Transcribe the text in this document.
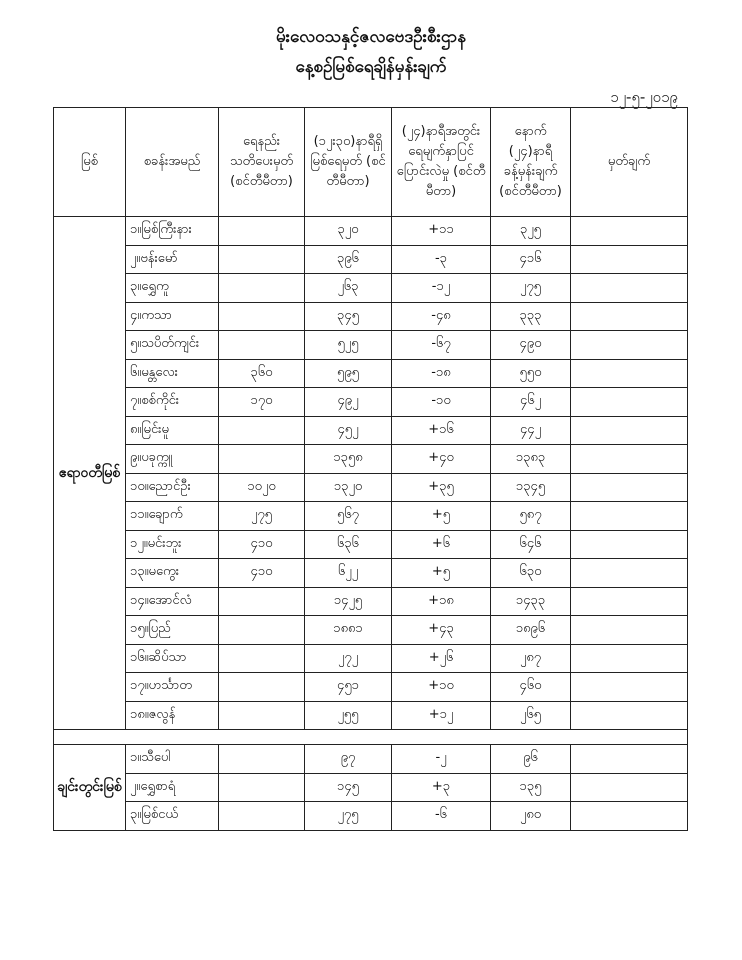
မိုးလေဝသနှင့်ဇလဗေဒဦးစီးဌာန
နေ့စဉ်မြစ်ရေချိန်မှန်းချက်
၁၂-၅-၂၀၁၉
မြစ်	စခန်းအမည်	ရေနည်း သတိပေးမှတ် (စင်တီမီတာ)	(၁၂း၃၀)နာရီရှိ မြစ်ရေမှတ် (စင်တီမီတာ)	(၂၄)နာရီအတွင်း ရေမျက်နှာပြင် ပြောင်းလဲမှု (စင်တီမီတာ)	နောက် (၂၄)နာရီ ခန့်မှန်းချက် (စင်တီမီတာ)	မှတ်ချက်
ဧရာဝတီမြစ်	၁။မြစ်ကြီးနား		၃၂၀	+၁၁	၃၂၅	
	၂။ဗန်းမော်		၃၉၆	-၃	၄၁၆	
	၃။ရွှေကူ		၂၆၃	-၁၂	၂၇၅	
	၄။ကသာ		၃၄၅	-၄၈	၃၃၃	
	၅။သပိတ်ကျင်း		၅၂၅	-၆၇	၄၉၀	
	၆။မန္တလေး	၃၆၀	၅၉၅	-၁၈	၅၅၀	
	၇။စစ်ကိုင်း	၁၇၀	၄၉၂	-၁၀	၄၆၂	
	၈။မြင်းမူ		၄၅၂	+၁၆	၄၄၂	
	၉။ပခုက္ကူ		၁၃၅၈	+၄၀	၁၃၈၃	
	၁၀။ညောင်ဦး	၁၀၂၀	၁၃၂၀	+၃၅	၁၃၄၅	
	၁၁။ချောက်	၂၇၅	၅၆၇	+၅	၅၈၇	
	၁၂။မင်းဘူး	၄၁၀	၆၃၆	+၆	၆၄၆	
	၁၃။မကွေး	၄၁၀	၆၂၂	+၅	၆၃၀	
	၁၄။အောင်လံ		၁၄၂၅	+၁၈	၁၄၃၃	
	၁၅။ပြည်		၁၈၈၁	+၄၃	၁၈၉၆	
	၁၆။ဆိပ်သာ		၂၇၂	+၂၆	၂၈၇	
	၁၇။ဟင်္သာတ		၄၅၁	+၁၀	၄၆၀	
	၁၈။ဇလွန်		၂၅၅	+၁၂	၂၆၅	

ချင်းတွင်းမြစ်	၁။သီပေါ		၉၇	-၂	၉၆	
	၂။ရွှေစာရံ		၁၄၅	+၃	၁၃၅	
	၃။မြစ်ငယ်		၂၇၅	-၆	၂၈၀	
